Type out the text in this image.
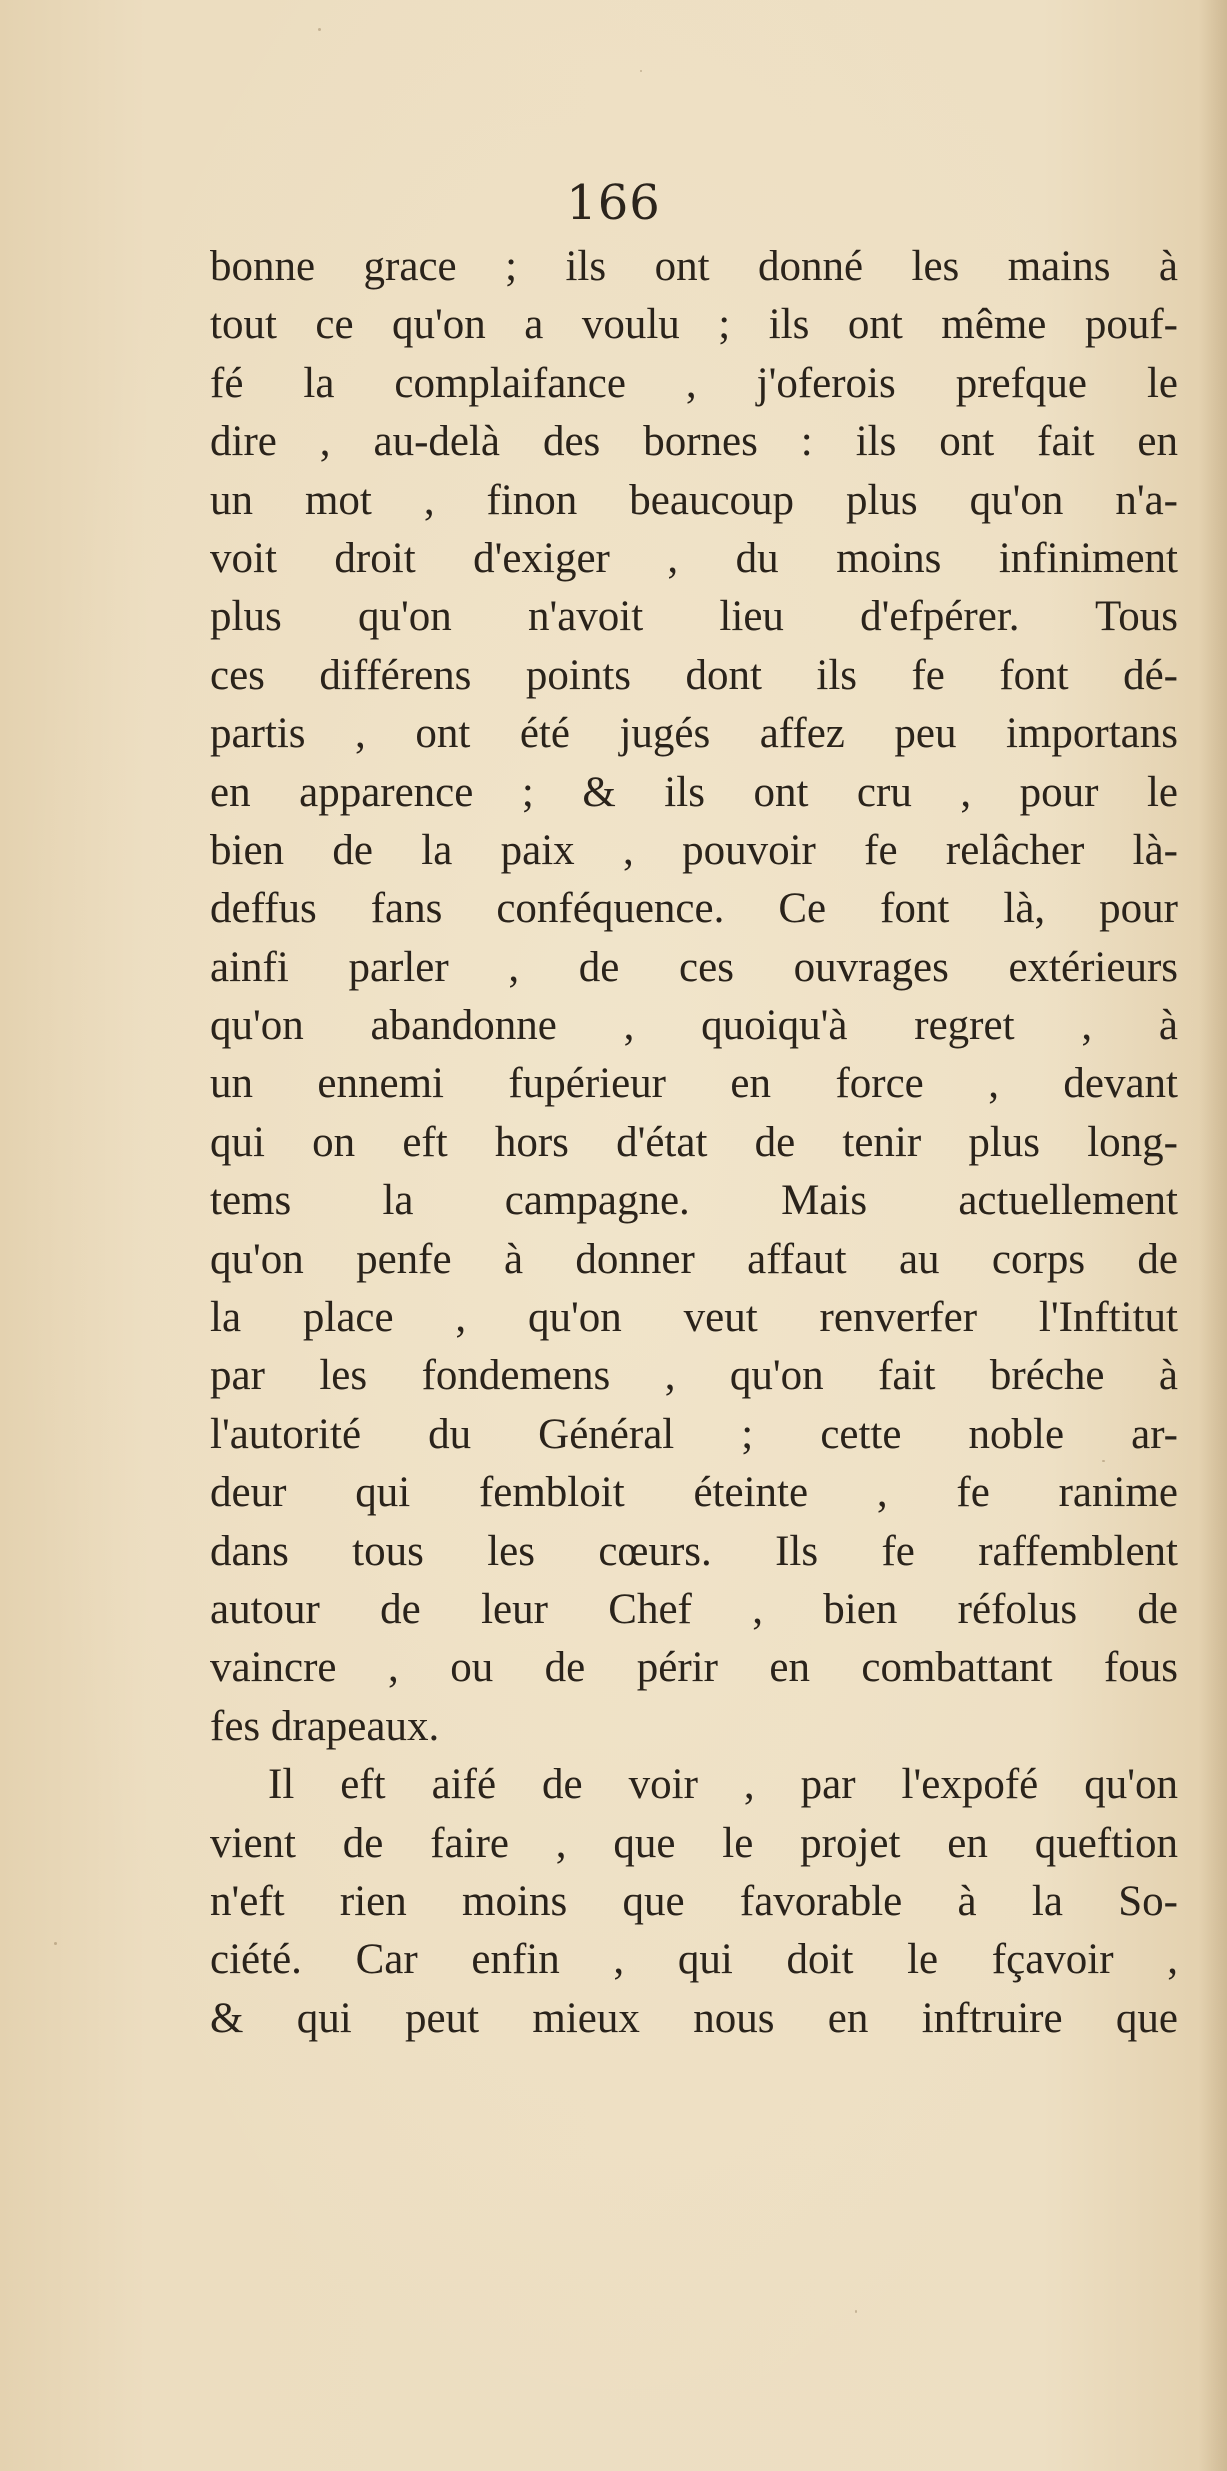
166
bonne grace ; ils ont donné les mains à
tout ce qu'on a voulu ; ils ont même pouf-
fé la complaifance , j'oferois prefque le
dire , au-delà des bornes : ils ont fait en
un mot , finon beaucoup plus qu'on n'a-
voit droit d'exiger , du moins infiniment
plus qu'on n'avoit lieu d'efpérer. Tous
ces différens points dont ils fe font dé-
partis , ont été jugés affez peu importans
en apparence ; & ils ont cru , pour le
bien de la paix , pouvoir fe relâcher là-
deffus fans conféquence. Ce font là, pour
ainfi parler , de ces ouvrages extérieurs
qu'on abandonne , quoiqu'à regret , à
un ennemi fupérieur en force , devant
qui on eft hors d'état de tenir plus long-
tems la campagne. Mais actuellement
qu'on penfe à donner affaut au corps de
la place , qu'on veut renverfer l'Inftitut
par les fondemens , qu'on fait bréche à
l'autorité du Général ; cette noble ar-
deur qui fembloit éteinte , fe ranime
dans tous les cœurs. Ils fe raffemblent
autour de leur Chef , bien réfolus de
vaincre , ou de périr en combattant fous
fes drapeaux.
Il eft aifé de voir , par l'expofé qu'on
vient de faire , que le projet en queftion
n'eft rien moins que favorable à la So-
ciété. Car enfin , qui doit le fçavoir ,
& qui peut mieux nous en inftruire que
